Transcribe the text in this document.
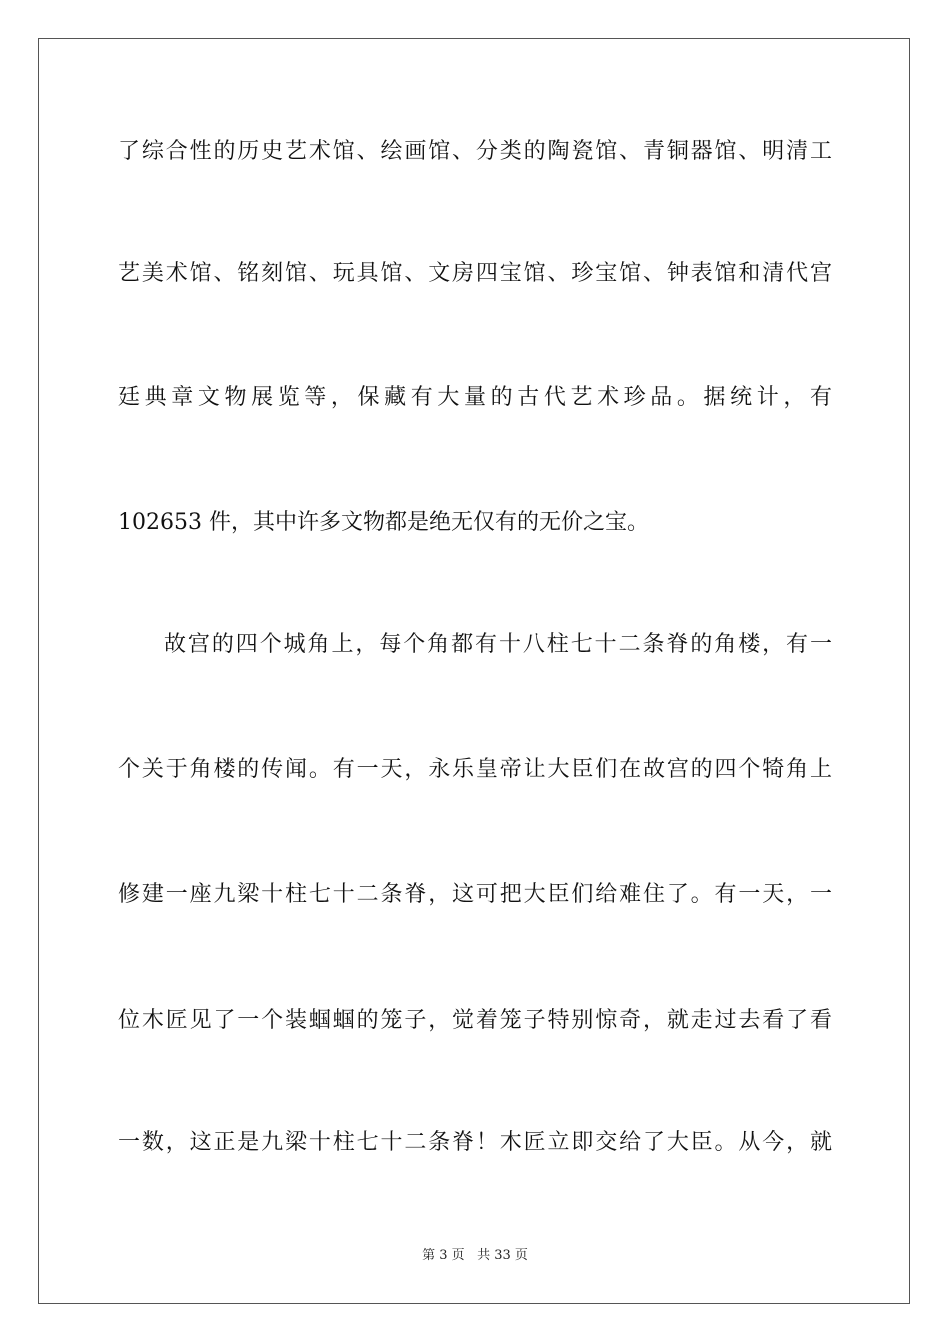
了综合性的历史艺术馆、绘画馆、分类的陶瓷馆、青铜器馆、明清工
艺美术馆、铭刻馆、玩具馆、文房四宝馆、珍宝馆、钟表馆和清代宫
廷典章文物展览等，保藏有大量的古代艺术珍品。据统计，有
102653 件，其中许多文物都是绝无仅有的无价之宝。
故宫的四个城角上，每个角都有十八柱七十二条脊的角楼，有一
个关于角楼的传闻。有一天，永乐皇帝让大臣们在故宫的四个犄角上
修建一座九梁十柱七十二条脊，这可把大臣们给难住了。有一天，一
位木匠见了一个装蝈蝈的笼子，觉着笼子特别惊奇，就走过去看了看
一数，这正是九梁十柱七十二条脊！木匠立即交给了大臣。从今，就
第 3 页 共 33 页
